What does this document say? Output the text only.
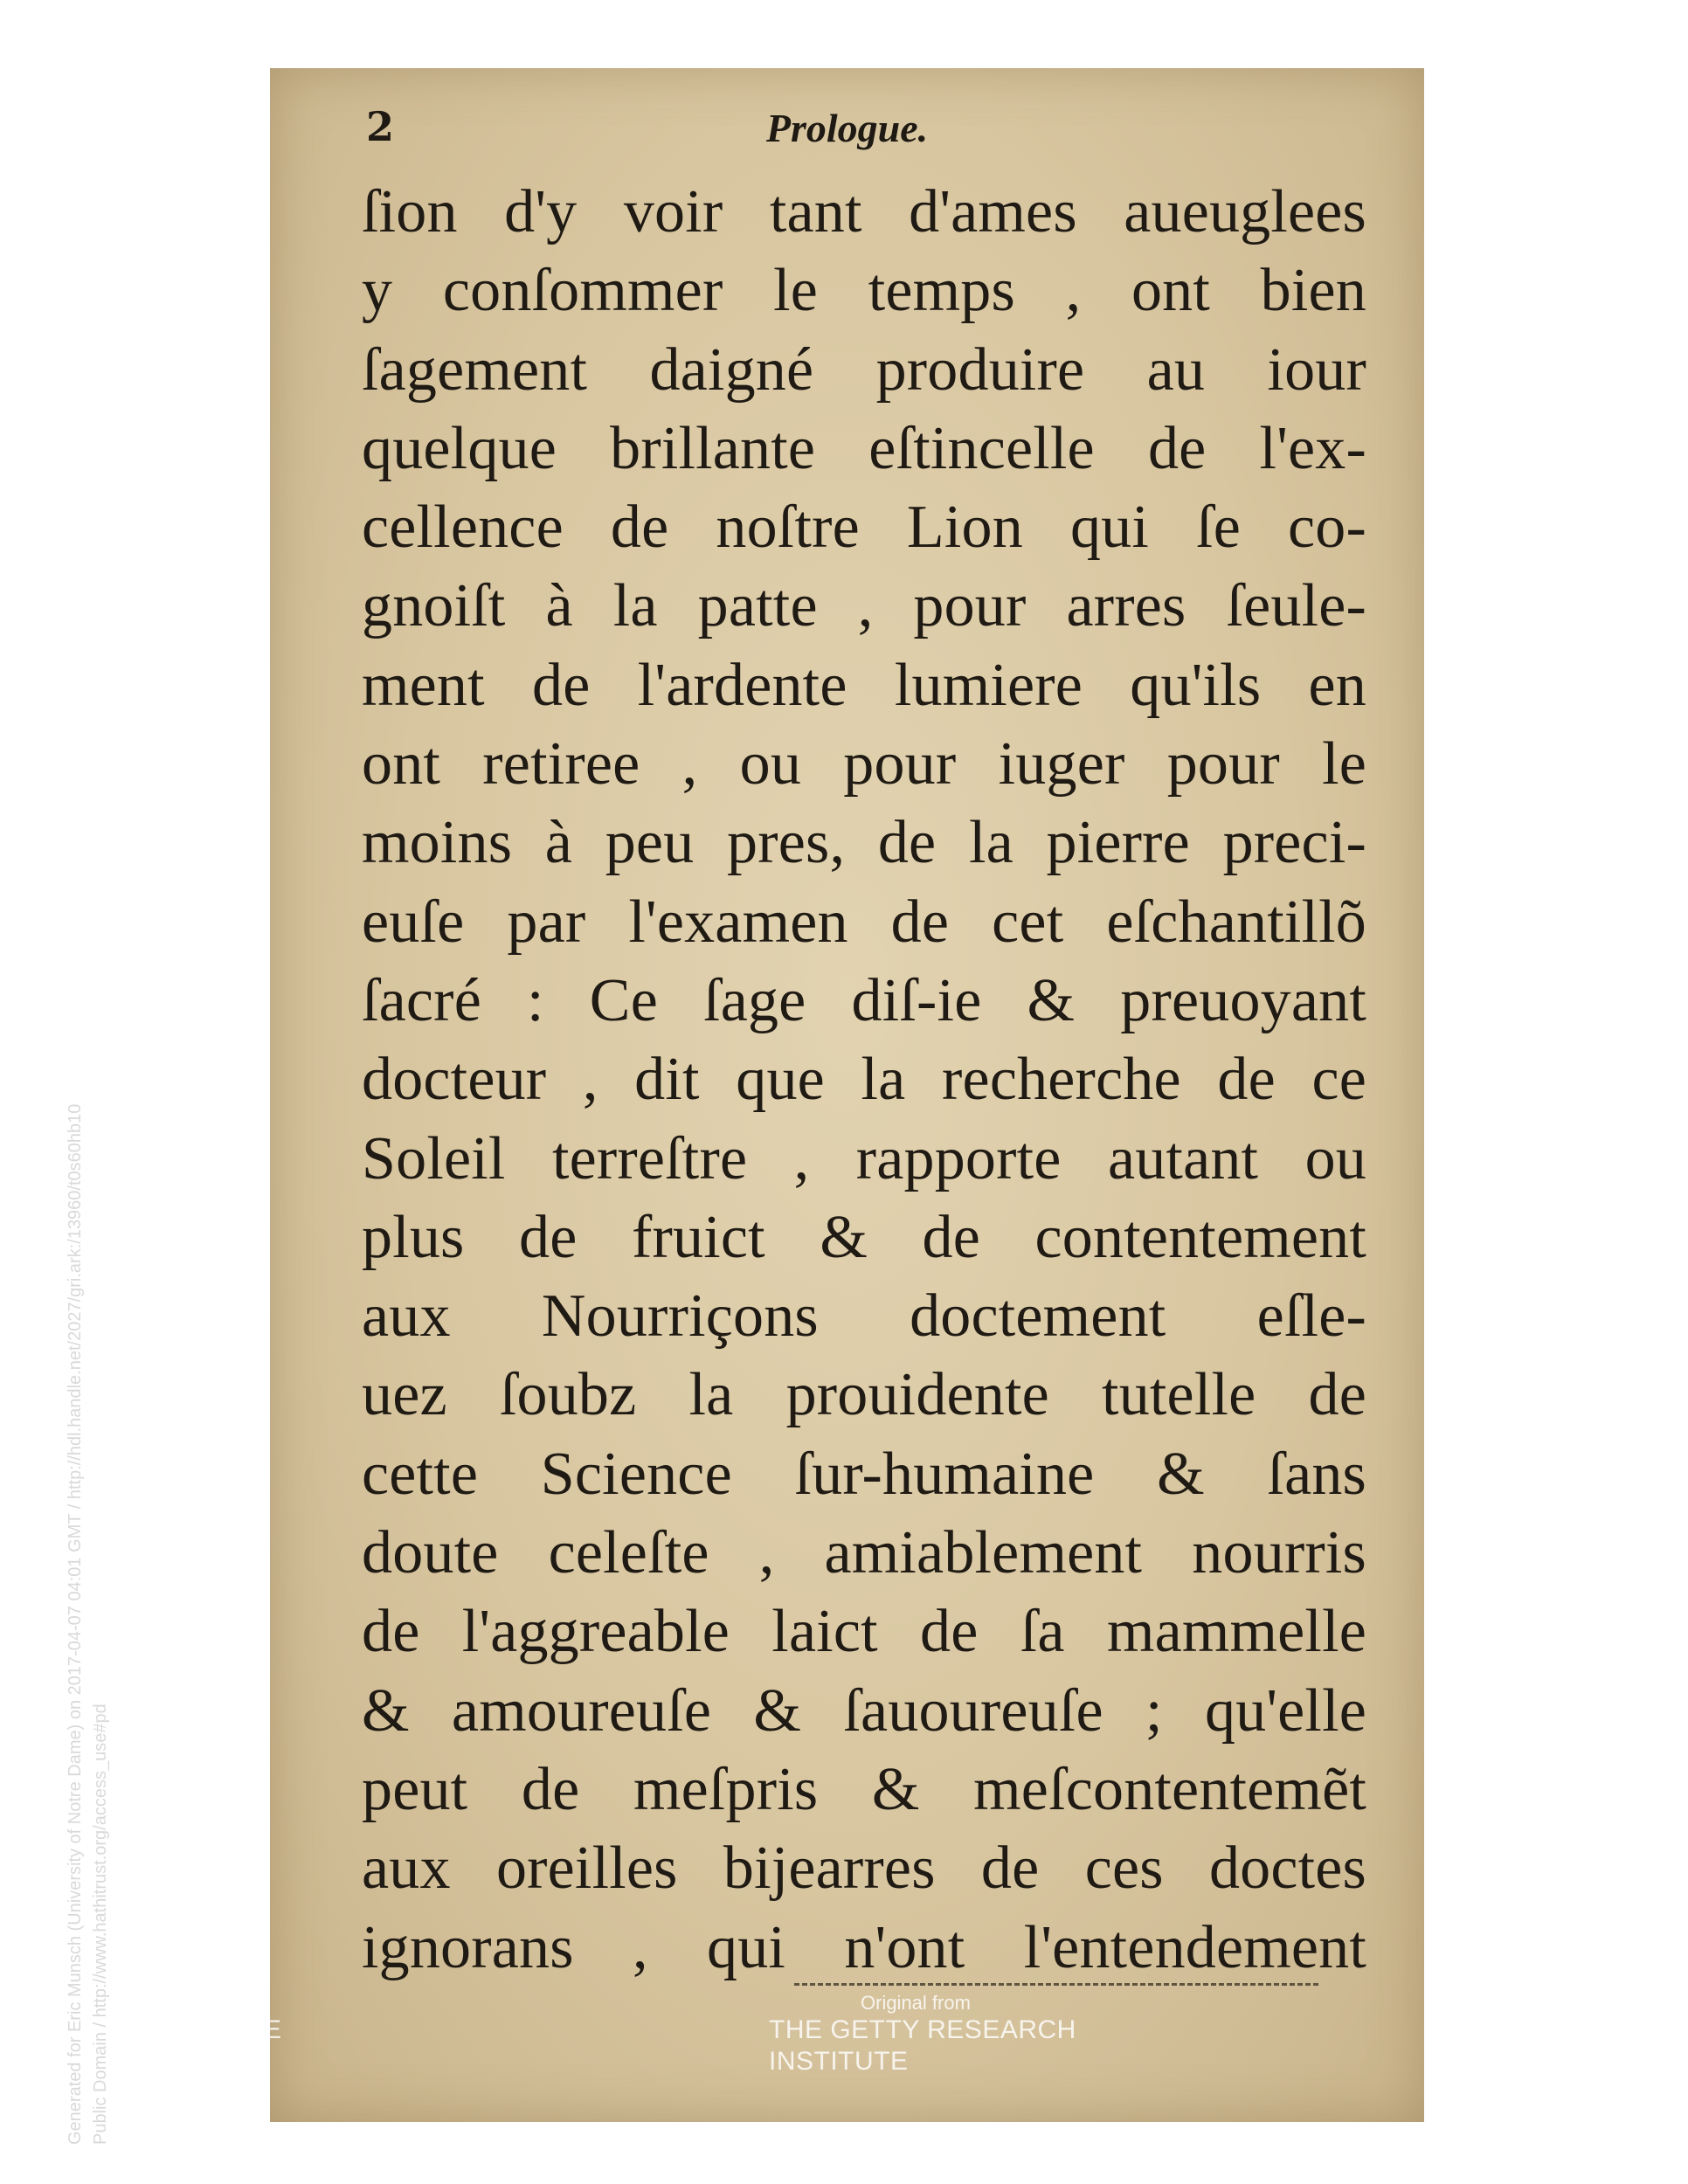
2	Prologue.
ſion d'y voir tant d'ames aueuglees
y conſommer le temps , ont bien
ſagement daigné produire au iour
quelque brillante eſtincelle de l'ex-
cellence de noſtre Lion qui ſe co-
gnoiſt à la patte , pour arres ſeule-
ment de l'ardente lumiere qu'ils en
ont retiree , ou pour iuger pour le
moins à peu pres, de la pierre preci-
euſe par l'examen de cet eſchantillõ
ſacré : Ce ſage diſ-ie & preuoyant
docteur , dit que la recherche de ce
Soleil terreſtre , rapporte autant ou
plus de fruict & de contentement
aux Nourriçons doctement eſle-
uez ſoubz la prouidente tutelle de
cette Science ſur-humaine & ſans
doute celeſte , amiablement nourris
de l'aggreable laict de ſa mammelle
& amoureuſe & ſauoureuſe ; qu'elle
peut de meſpris & meſcontentemẽt
aux oreilles bijearres de ces doctes
ignorans , qui n'ont l'entendement
Digitized by
INTERNET ARCHIVE
Original from
THE GETTY RESEARCH INSTITUTE
Generated for Eric Munsch (University of Notre Dame) on 2017-04-07 04:01 GMT / http://hdl.handle.net/2027/gri.ark:/13960/t0s60hb10 Public Domain / http://www.hathitrust.org/access_use#pd
